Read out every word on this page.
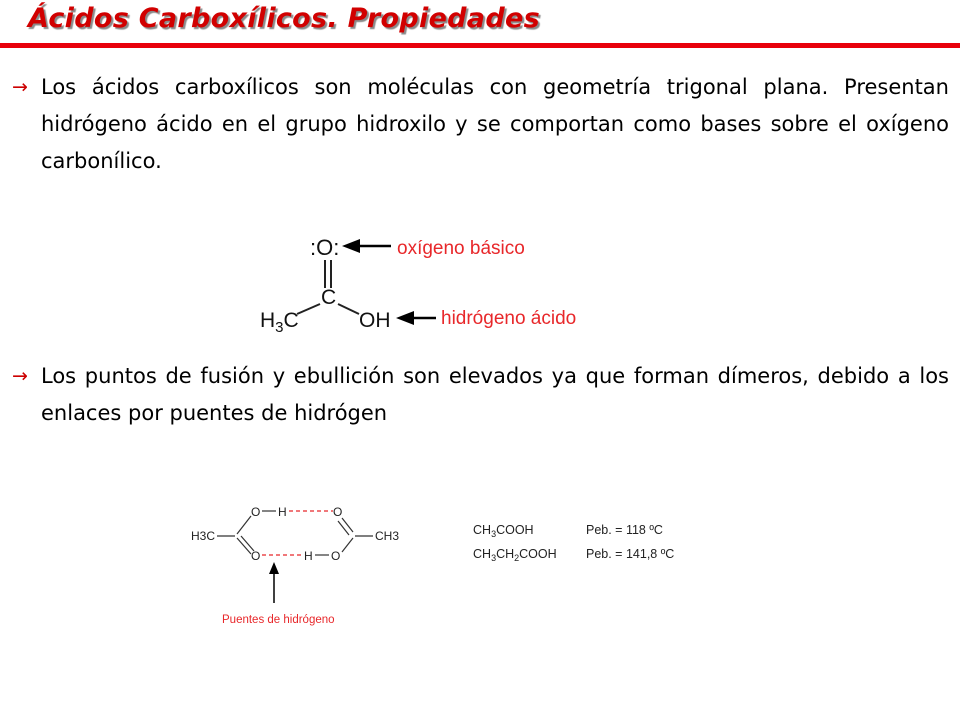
Ácidos Carboxílicos. Propiedades
→ Los ácidos carboxílicos son moléculas con geometría trigonal plana. Presentan hidrógeno ácido en el grupo hidroxilo y se comportan como bases sobre el oxígeno carbonílico.
:O:	oxígeno básico
C
$H_3C$	OH	hidrógeno ácido
→ Los puntos de fusión y ebullición son elevados ya que forman dímeros, debido a los enlaces por puentes de hidrógen
H3C
O H
O	H
O
O
CH3
Puentes de hidrógeno
$CH_3COOH$	Peb. = 118 ºC
$CH_3CH_2COOH$ Peb. = 141,8 ºC
